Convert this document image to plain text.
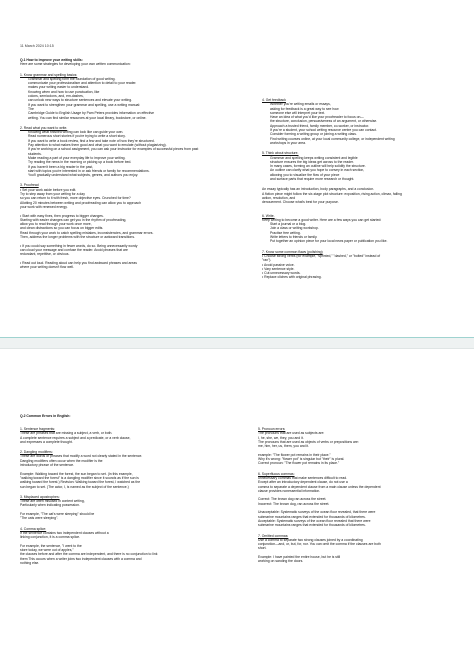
11 March 2024 10:15
Q.1 How to improve your writing skills:
Here are some strategies for developing your own written communication:
1. Know grammar and spelling basics:
• Grammar and spelling form the foundation of good writing.
• communicate your professionalism and attention to detail to your reader.
• makes your writing easier to understand.
• Knowing when and how to use punctuation, like
• colons, semicolons, and, em-dashes,
• can unlock new ways to structure sentences and elevate your writing.
• If you want to strengthen your grammar and spelling, use a writing manual:
• The
• Cambridge Guide to English Usage by Pam Peters provides information on effective
• writing. You can find similar resources at your local library, bookstore, or online.
2. Read what you want to write.
• Knowing what finished writing can look like can guide your own.
• Read numerous short stories if you're trying to write a short story.
• If you want to write a book review, find a few and take note of how they're structured.
• Pay attention to what makes them good and what you want to emulate (without plagiarizing).
• If you're working on a school assignment, you can ask your instructor for examples of successful pieces from past
• students.
• Make reading a part of your everyday life to improve your writing.
• Try reading the news in the morning or picking up a book before bed.
• If you haven't been a big reader in the past,
• start with topics you're interested in or ask friends or family for recommendations.
• You'll gradually understand what subjects, genres, and authors you enjoy.
3. Proofread

• Set your work aside before you edit.

Try to step away from your writing for a day

so you can return to it with fresh, more objective eyes. Crunched for time?

Allotting 20 minutes between writing and proofreading can allow you to approach

your work with renewed energy.

• Start with easy fixes, then progress to bigger changes.

Starting with easier changes can get you in the rhythm of proofreading,

allow you to read through your work once more,

and clean distractions so you can focus on bigger edits.

Read through your work to catch spelling mistakes, inconsistencies, and grammar errors.

Then, address the longer problems with the structure or awkward transitions.

• If you could say something in fewer words, do so. Being unnecessarily wordy

can cloud your message and confuse the reader. Avoid phrases that are

redundant, repetitive, or obvious.

• Read out loud. Reading aloud can help you find awkward phrases and areas

where your writing doesn't flow well.

4. Get feedback
• Whether you're writing emails or essays,
• asking for feedback is a great way to see how
• someone else will interpret your text.
• Have an idea of what you'd like your proofreader to focus on—
• the structure, conclusion, persuasiveness of an argument, or otherwise.
• Approach a trusted friend, family member, co-worker, or instructor.
• If you're a student, your school writing resource centre you can contact.
• Consider forming a writing group or joining a writing class.
• Find writing courses online, at your local community college, or independent writing
• workshops in your area.
5. Think about structure.
• Grammar and spelling keeps writing consistent and legible
• structure ensures the big ideas get across to the reader.
• In many cases, forming an outline will help solidify the structure.
• An outline can clarify what you hope to convey in each section,
• allowing you to visualize the flow of your piece
• and surface parts that require more research or thought.
An essay typically has an introduction, body paragraphs, and a conclusion.

A fiction piece might follow the six-stage plot structure: exposition, rising action, climax, falling

action, resolution, and

denouement. Choose what's best for your purpose.

6. Write.
Keep writing to become a good writer. Here are a few ways you can get started:
• Start a journal or a blog.
• Join a class or writing workshop.
• Practise free writing.
• Write letters to friends or family.
• Put together an opinion piece for your local news paper or publication you like.
7. Know some common flaws (polishing)

• Choose strong verbs (for example, "sprinted," "dashed," or "bolted" instead of

"ran").

• Avoid passive voice.

• Vary sentence style.

• Cut unnecessary words.

• Replace cliches with original phrasing.

Q.2 Common Errors in English:
1. Sentence fragments:

These are phrases that are missing a subject, a verb, or both.

A complete sentence requires a subject and a predicate, or a verb clause,

and expresses a complete thought.

2. Dangling modifiers:

These are words or phrases that modify a word not clearly stated in the sentence.

Dangling modifiers often occur when the modifier is the

introductory phrase of the sentence.

Example: Walking toward the forest, the sun began to set. (In this example,

"walking toward the forest" is a dangling modifier since it sounds as if the sun is

walking toward the forest.) Revision: Walking toward the forest, I watched as the

sun began to set. (The actor, I, is named as the subject of the sentence.)

3. Misplaced apostrophes:

These are often misused in content writing,

Particularly when indicating possession.

For example, "The cat's were sleeping" should be

"The cats were sleeping".

4. Comma splice:

If the sentence contains two independent clauses without a

linking conjunction, it is a comma splice.

For example, the sentence, "I went to the

store today, we were out of apples,"

the clauses before and after the comma are independent, and there is no conjunction to link

them This occurs when a writer joins two independent clauses with a comma and

nothing else.

5. Pronoun errors:

The pronouns that are used as subjects are:

I, he, she, we, they, you and it.

The pronouns that are used as objects of verbs or prepositions are:

me, him, her, us, them, you and it.

example: "The flower pot remains in their place."

Why it's wrong: "flower pot" is singular but "their" is plural.

Correct pronoun: "The flower pot remains in its place."

6. Superfluous commas:

unnecessary commas that make sentences difficult to read.

Except after an introductory dependent clause, do not use a

comma to separate a dependent clause from a main clause unless the dependent

clause provides nonessential information.

Correct: The brown dog ran across the street.

Incorrect: The brown dog, ran across the street.

Unacceptable: Systematic surveys of the ocean floor revealed, that there were

submarine mountains ranges that extended for thousands of kilometres.

Acceptable: Systematic surveys of the ocean floor revealed that there were

submarine mountains ranges that extended for thousands of kilometres.

7. Omitted commas:

Use a comma to separate two strong clauses joined by a coordinating

conjunction—and, or, but, for, nor. You can omit the comma if the clauses are both

short.

Example: I have painted the entire house, but he is still

working on sanding the doors.
